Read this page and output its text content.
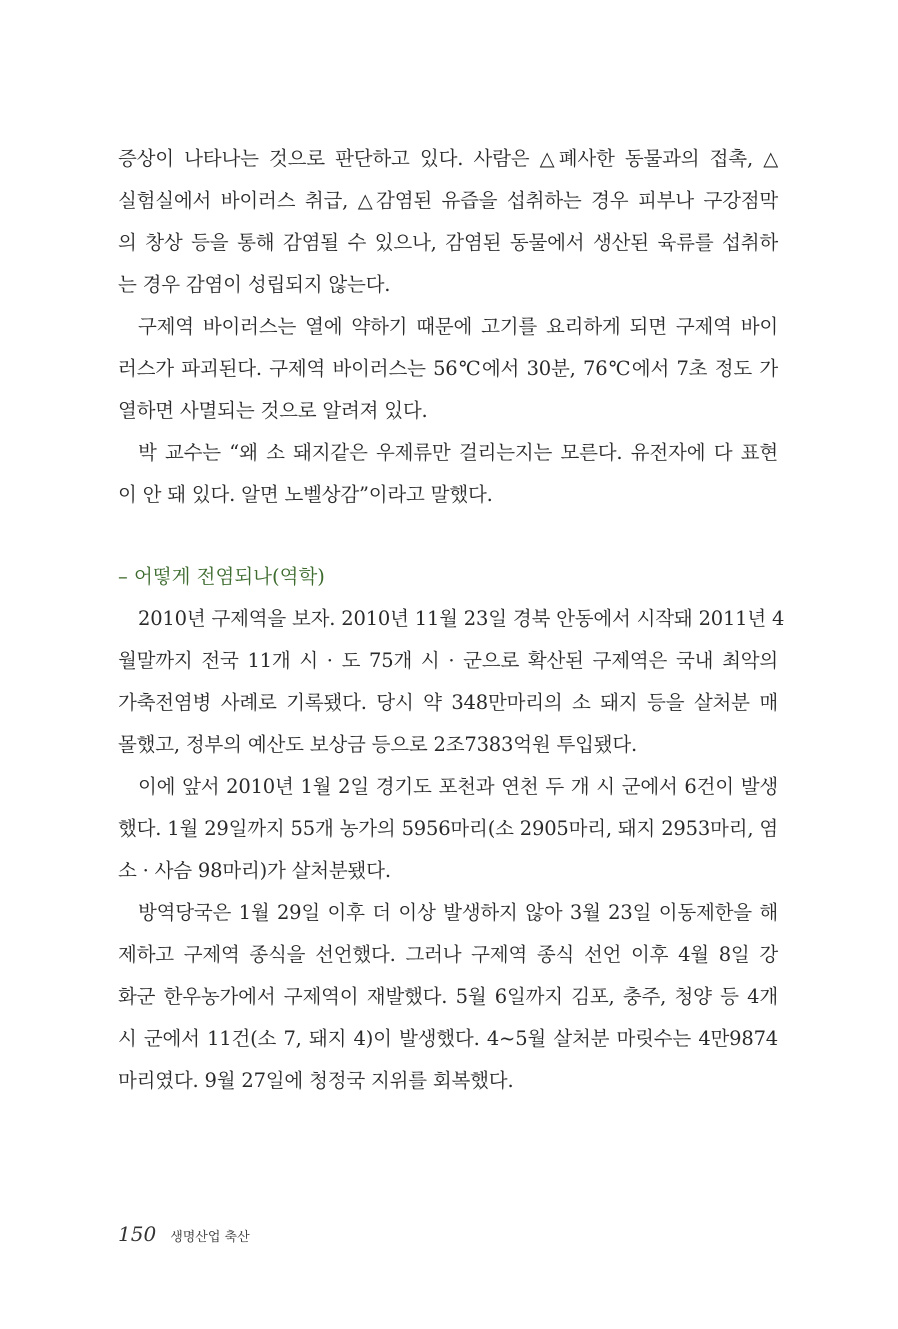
증상이 나타나는 것으로 판단하고 있다. 사람은 △폐사한 동물과의 접촉, △
실험실에서 바이러스 취급, △감염된 유즙을 섭취하는 경우 피부나 구강점막
의 창상 등을 통해 감염될 수 있으나, 감염된 동물에서 생산된 육류를 섭취하
는 경우 감염이 성립되지 않는다.
구제역 바이러스는 열에 약하기 때문에 고기를 요리하게 되면 구제역 바이
러스가 파괴된다. 구제역 바이러스는 56℃에서 30분, 76℃에서 7초 정도 가
열하면 사멸되는 것으로 알려져 있다.
박 교수는 “왜 소 돼지같은 우제류만 걸리는지는 모른다. 유전자에 다 표현
이 안 돼 있다. 알면 노벨상감”이라고 말했다.
– 어떻게 전염되나(역학)
2010년 구제역을 보자. 2010년 11월 23일 경북 안동에서 시작돼 2011년 4
월말까지 전국 11개 시 · 도 75개 시 · 군으로 확산된 구제역은 국내 최악의
가축전염병 사례로 기록됐다. 당시 약 348만마리의 소 돼지 등을 살처분 매
몰했고, 정부의 예산도 보상금 등으로 2조7383억원 투입됐다.
이에 앞서 2010년 1월 2일 경기도 포천과 연천 두 개 시 군에서 6건이 발생
했다. 1월 29일까지 55개 농가의 5956마리(소 2905마리, 돼지 2953마리, 염
소 · 사슴 98마리)가 살처분됐다.
방역당국은 1월 29일 이후 더 이상 발생하지 않아 3월 23일 이동제한을 해
제하고 구제역 종식을 선언했다. 그러나 구제역 종식 선언 이후 4월 8일 강
화군 한우농가에서 구제역이 재발했다. 5월 6일까지 김포, 충주, 청양 등 4개
시 군에서 11건(소 7, 돼지 4)이 발생했다. 4~5월 살처분 마릿수는 4만9874
마리였다. 9월 27일에 청정국 지위를 회복했다.
150 생명산업 축산
